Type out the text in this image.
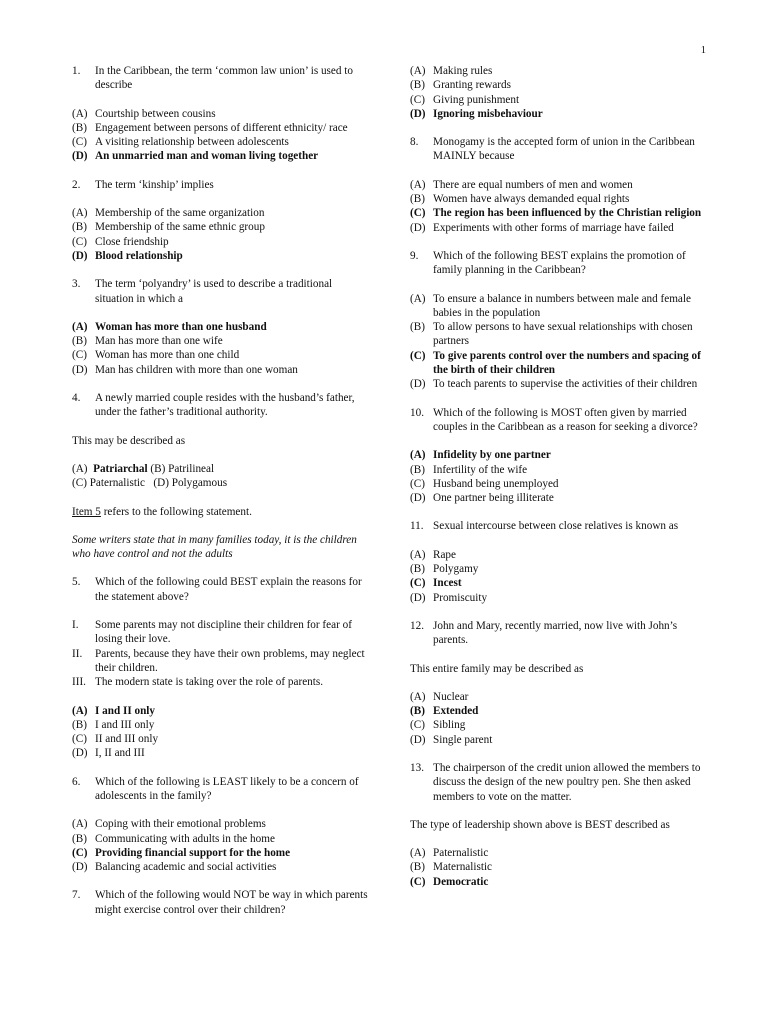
1
1.	In the Caribbean, the term ‘common law union’ is used to describe
(A) Courtship between cousins
(B) Engagement between persons of different ethnicity/ race
(C) A visiting relationship between adolescents
(D) An unmarried man and woman living together
2.	The term ‘kinship’ implies
(A) Membership of the same organization
(B) Membership of the same ethnic group
(C) Close friendship
(D) Blood relationship
3.	The term ‘polyandry’ is used to describe a traditional situation in which a
(A) Woman has more than one husband
(B) Man has more than one wife
(C) Woman has more than one child
(D) Man has children with more than one woman
4.	A newly married couple resides with the husband’s father, under the father’s traditional authority.
This may be described as
(A)  Patriarchal (B) Patrilineal
(C) Paternalistic   (D) Polygamous
Item 5 refers to the following statement.
Some writers state that in many families today, it is the children who have control and not the adults
5.	Which of the following could BEST explain the reasons for the statement above?
I.	Some parents may not discipline their children for fear of losing their love.
II.	Parents, because they have their own problems, may neglect their children.
III. The modern state is taking over the role of parents.
(A) I and II only
(B) I and III only
(C) II and III only
(D) I, II and III
6.	Which of the following is LEAST likely to be a concern of adolescents in the family?
(A) Coping with their emotional problems
(B) Communicating with adults in the home
(C) Providing financial support for the home
(D) Balancing academic and social activities
7.	Which of the following would NOT be way in which parents might exercise control over their children?
(A) Making rules
(B) Granting rewards
(C) Giving punishment
(D) Ignoring misbehaviour
8.	Monogamy is the accepted form of union in the Caribbean MAINLY because
(A) There are equal numbers of men and women
(B) Women have always demanded equal rights
(C) The region has been influenced by the Christian religion
(D) Experiments with other forms of marriage have failed
9.	Which of the following BEST explains the promotion of family planning in the Caribbean?
(A) To ensure a balance in numbers between male and female babies in the population
(B) To allow persons to have sexual relationships with chosen partners
(C) To give parents control over the numbers and spacing of the birth of their children
(D) To teach parents to supervise the activities of their children
10. Which of the following is MOST often given by married couples in the Caribbean as a reason for seeking a divorce?
(A) Infidelity by one partner
(B) Infertility of the wife
(C) Husband being unemployed
(D) One partner being illiterate
11. Sexual intercourse between close relatives is known as
(A) Rape
(B) Polygamy
(C) Incest
(D) Promiscuity
12. John and Mary, recently married, now live with John’s parents.
This entire family may be described as
(A) Nuclear
(B) Extended
(C) Sibling
(D) Single parent
13. The chairperson of the credit union allowed the members to discuss the design of the new poultry pen. She then asked members to vote on the matter.
The type of leadership shown above is BEST described as
(A) Paternalistic
(B) Maternalistic
(C) Democratic
